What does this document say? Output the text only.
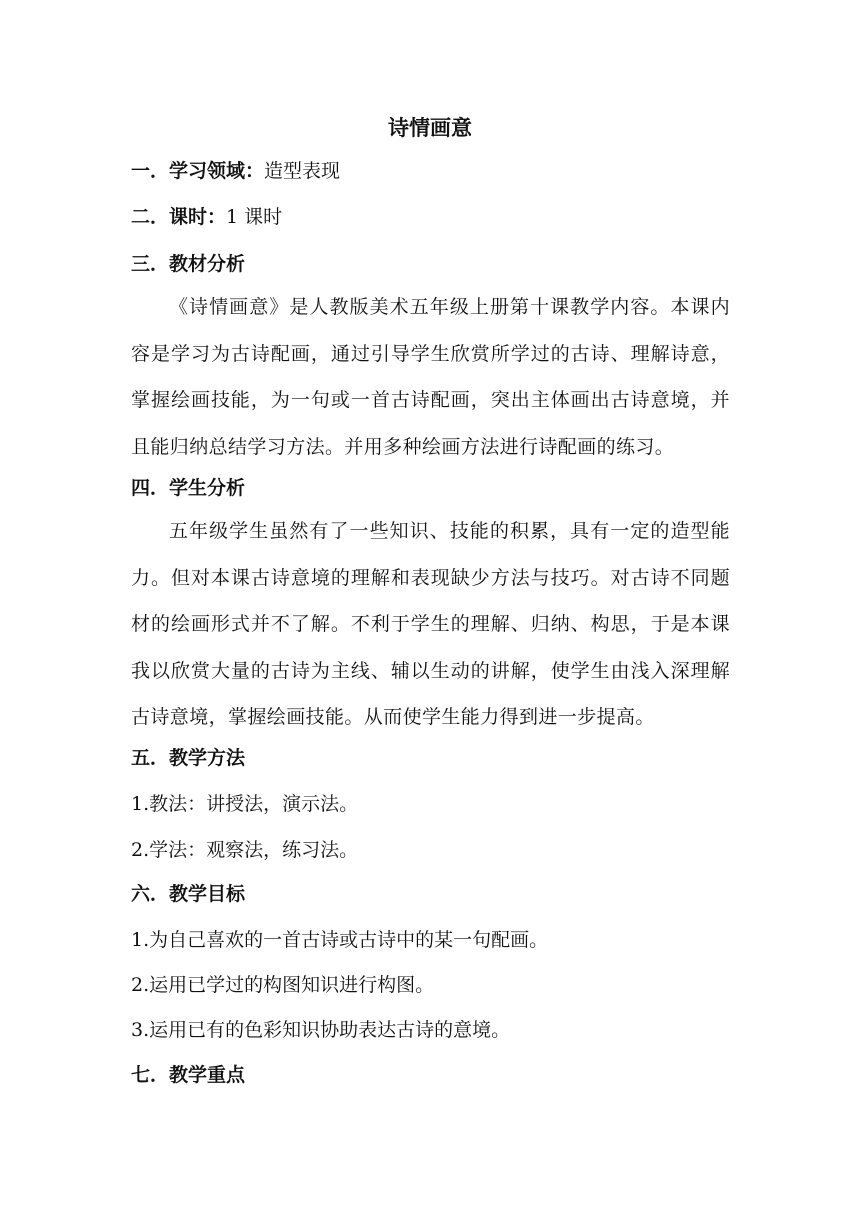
诗情画意
一．学习领域：造型表现
二．课时：1 课时
三．教材分析
《诗情画意》是人教版美术五年级上册第十课教学内容。本课内容是学习为古诗配画，通过引导学生欣赏所学过的古诗、理解诗意，掌握绘画技能，为一句或一首古诗配画，突出主体画出古诗意境，并且能归纳总结学习方法。并用多种绘画方法进行诗配画的练习。
四．学生分析
五年级学生虽然有了一些知识、技能的积累，具有一定的造型能力。但对本课古诗意境的理解和表现缺少方法与技巧。对古诗不同题材的绘画形式并不了解。不利于学生的理解、归纳、构思，于是本课我以欣赏大量的古诗为主线、辅以生动的讲解，使学生由浅入深理解古诗意境，掌握绘画技能。从而使学生能力得到进一步提高。
五．教学方法
1.教法：讲授法，演示法。
2.学法：观察法，练习法。
六．教学目标
1.为自己喜欢的一首古诗或古诗中的某一句配画。
2.运用已学过的构图知识进行构图。
3.运用已有的色彩知识协助表达古诗的意境。
七．教学重点
